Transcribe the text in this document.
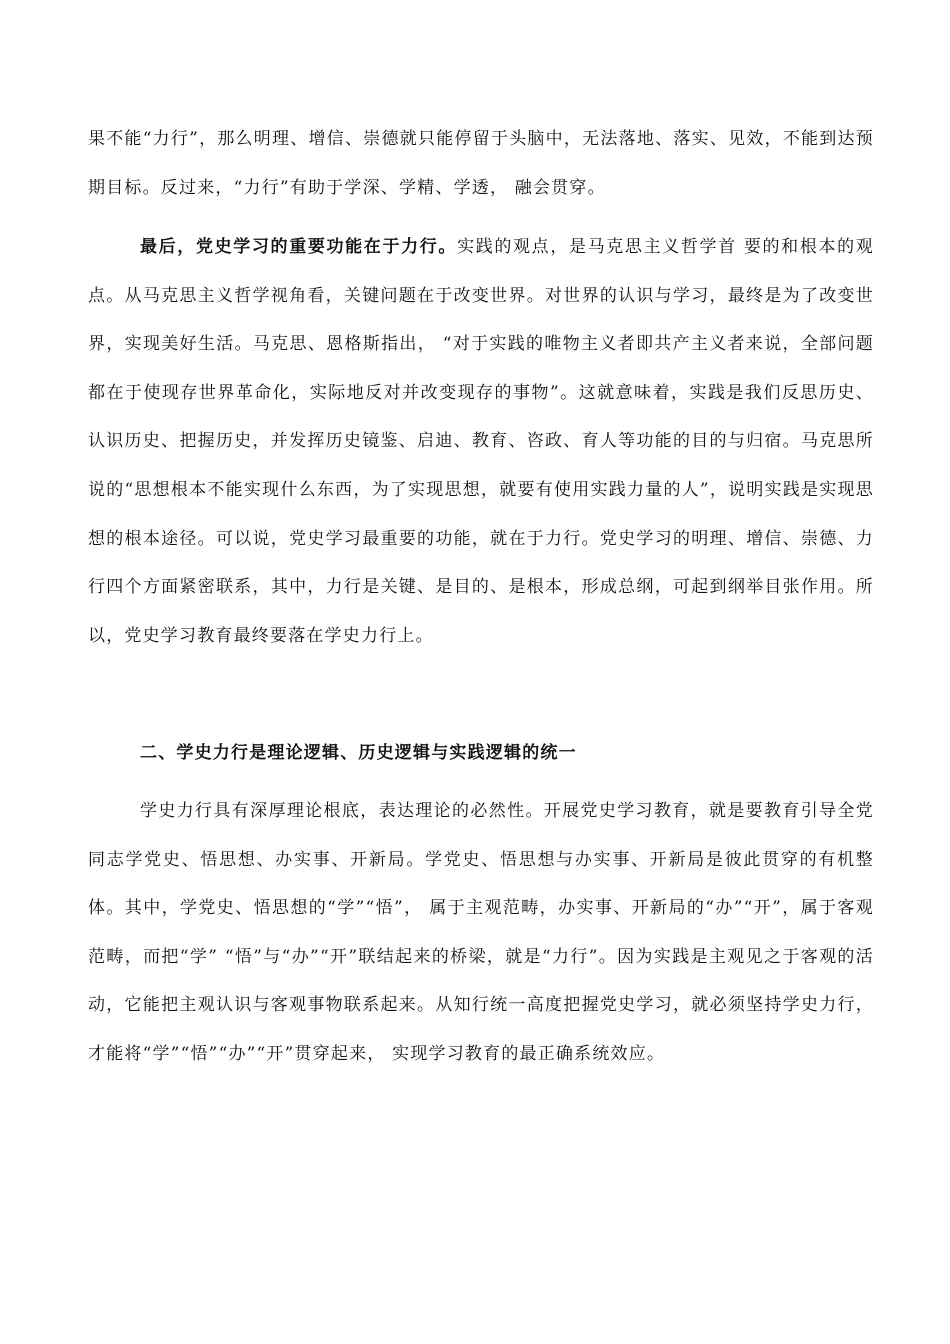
果不能“力行”，那么明理、增信、崇德就只能停留于头脑中，无法落地、落实、见效，不能到达预期目标。反过来，“力行”有助于学深、学精、学透， 融会贯穿。

最后，党史学习的重要功能在于力行。实践的观点，是马克思主义哲学首 要的和根本的观点。从马克思主义哲学视角看，关键问题在于改变世界。对世界的认识与学习，最终是为了改变世界，实现美好生活。马克思、恩格斯指出， “对于实践的唯物主义者即共产主义者来说，全部问题都在于使现存世界革命化，实际地反对并改变现存的事物”。这就意味着，实践是我们反思历史、认识历史、把握历史，并发挥历史镜鉴、启迪、教育、咨政、育人等功能的目的与归宿。马克思所说的“思想根本不能实现什么东西，为了实现思想，就要有使用实践力量的人”，说明实践是实现思想的根本途径。可以说，党史学习最重要的功能，就在于力行。党史学习的明理、增信、崇德、力行四个方面紧密联系，其中，力行是关键、是目的、是根本，形成总纲，可起到纲举目张作用。所以，党史学习教育最终要落在学史力行上。

二、学史力行是理论逻辑、历史逻辑与实践逻辑的统一

学史力行具有深厚理论根底，表达理论的必然性。开展党史学习教育，就是要教育引导全党同志学党史、悟思想、办实事、开新局。学党史、悟思想与办实事、开新局是彼此贯穿的有机整体。其中，学党史、悟思想的“学”“悟”， 属于主观范畴，办实事、开新局的“办”“开”，属于客观范畴，而把“学” “悟”与“办”“开”联结起来的桥梁，就是“力行”。因为实践是主观见之于客观的活动，它能把主观认识与客观事物联系起来。从知行统一高度把握党史学习，就必须坚持学史力行，才能将“学”“悟”“办”“开”贯穿起来， 实现学习教育的最正确系统效应。
